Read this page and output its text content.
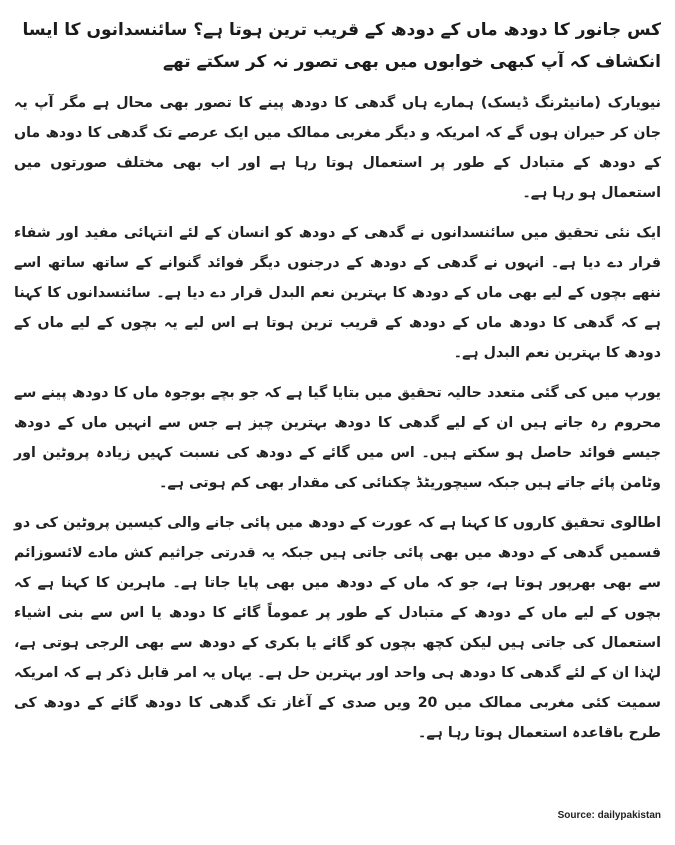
کس جانور کا دودھ ماں کے دودھ کے قریب ترین ہوتا ہے؟ سائنسدانوں کا ایسا انکشاف کہ آپ کبھی خوابوں میں بھی تصور نہ کر سکتے تھے

نیویارک (مانیٹرنگ ڈیسک) ہمارے ہاں گدھی کا دودھ پینے کا تصور بھی محال ہے مگر آپ یہ جان کر حیران ہوں گے کہ امریکہ و دیگر مغربی ممالک میں ایک عرصے تک گدھی کا دودھ ماں کے دودھ کے متبادل کے طور پر استعمال ہوتا رہا ہے اور اب بھی مختلف صورتوں میں استعمال ہو رہا ہے۔

ایک نئی تحقیق میں سائنسدانوں نے گدھی کے دودھ کو انسان کے لئے انتہائی مفید اور شفاء قرار دے دیا ہے۔ انہوں نے گدھی کے دودھ کے درجنوں دیگر فوائد گنوانے کے ساتھ ساتھ اسے ننھے بچوں کے لیے بھی ماں کے دودھ کا بہترین نعم البدل قرار دے دیا ہے۔ سائنسدانوں کا کہنا ہے کہ گدھی کا دودھ ماں کے دودھ کے قریب ترین ہوتا ہے اس لیے یہ بچوں کے لیے ماں کے دودھ کا بہترین نعم البدل ہے۔

یورپ میں کی گئی متعدد حالیہ تحقیق میں بتایا گیا ہے کہ جو بچے بوجوہ ماں کا دودھ پینے سے محروم رہ جاتے ہیں ان کے لیے گدھی کا دودھ بہترین چیز ہے جس سے انہیں ماں کے دودھ جیسے فوائد حاصل ہو سکتے ہیں۔ اس میں گائے کے دودھ کی نسبت کہیں زیادہ پروٹین اور وٹامن پائے جاتے ہیں جبکہ سیچوریٹڈ چکنائی کی مقدار بھی کم ہوتی ہے۔

اطالوی تحقیق کاروں کا کہنا ہے کہ عورت کے دودھ میں پائی جانے والی کیسین پروٹین کی دو قسمیں گدھی کے دودھ میں بھی پائی جاتی ہیں جبکہ یہ قدرتی جراثیم کش مادے لائسوزائم سے بھی بھرپور ہوتا ہے، جو کہ ماں کے دودھ میں بھی پایا جاتا ہے۔ ماہرین کا کہنا ہے کہ بچوں کے لیے ماں کے دودھ کے متبادل کے طور پر عموماً گائے کا دودھ یا اس سے بنی اشیاء استعمال کی جاتی ہیں لیکن کچھ بچوں کو گائے یا بکری کے دودھ سے بھی الرجی ہوتی ہے، لہٰذا ان کے لئے گدھی کا دودھ ہی واحد اور بہترین حل ہے۔ یہاں یہ امر قابل ذکر ہے کہ امریکہ سمیت کئی مغربی ممالک میں 20 ویں صدی کے آغاز تک گدھی کا دودھ گائے کے دودھ کی طرح باقاعدہ استعمال ہوتا رہا ہے۔

Source: dailypakistan
